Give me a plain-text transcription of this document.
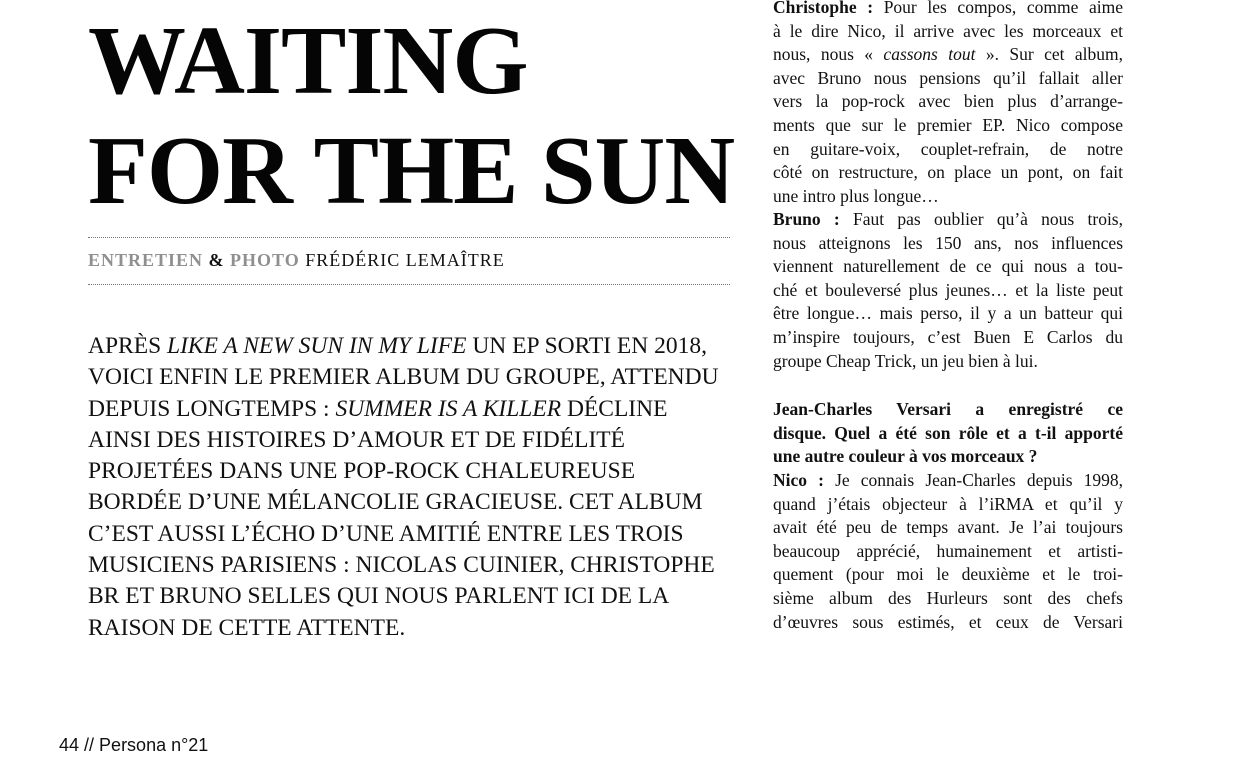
WAITING
FOR THE SUN
ENTRETIEN & PHOTO FRÉDÉRIC LEMAÎTRE

APRÈS LIKE A NEW SUN IN MY LIFE UN EP SORTI EN 2018,
VOICI ENFIN LE PREMIER ALBUM DU GROUPE, ATTENDU
DEPUIS LONGTEMPS : SUMMER IS A KILLER DÉCLINE
AINSI DES HISTOIRES D’AMOUR ET DE FIDÉLITÉ
PROJETÉES DANS UNE POP-ROCK CHALEUREUSE
BORDÉE D’UNE MÉLANCOLIE GRACIEUSE. CET ALBUM
C’EST AUSSI L’ÉCHO D’UNE AMITIÉ ENTRE LES TROIS
MUSICIENS PARISIENS : NICOLAS CUINIER, CHRISTOPHE
BR ET BRUNO SELLES QUI NOUS PARLENT ICI DE LA
RAISON DE CETTE ATTENTE.

Christophe : Pour les compos, comme aime
à le dire Nico, il arrive avec les morceaux et
nous, nous « cassons tout ». Sur cet album,
avec Bruno nous pensions qu’il fallait aller
vers la pop-rock avec bien plus d’arrange-
ments que sur le premier EP. Nico compose
en guitare-voix, couplet-refrain, de notre
côté on restructure, on place un pont, on fait
une intro plus longue…
Bruno : Faut pas oublier qu’à nous trois,
nous atteignons les 150 ans, nos influences
viennent naturellement de ce qui nous a tou-
ché et bouleversé plus jeunes… et la liste peut
être longue… mais perso, il y a un batteur qui
m’inspire toujours, c’est Buen E Carlos du
groupe Cheap Trick, un jeu bien à lui.
Jean-Charles Versari a enregistré ce
disque. Quel a été son rôle et a t-il apporté
une autre couleur à vos morceaux ?
Nico : Je connais Jean-Charles depuis 1998,
quand j’étais objecteur à l’iRMA et qu’il y
avait été peu de temps avant. Je l’ai toujours
beaucoup apprécié, humainement et artisti-
quement (pour moi le deuxième et le troi-
sième album des Hurleurs sont des chefs
d’œuvres sous estimés, et ceux de Versari
44 // Persona n°21
